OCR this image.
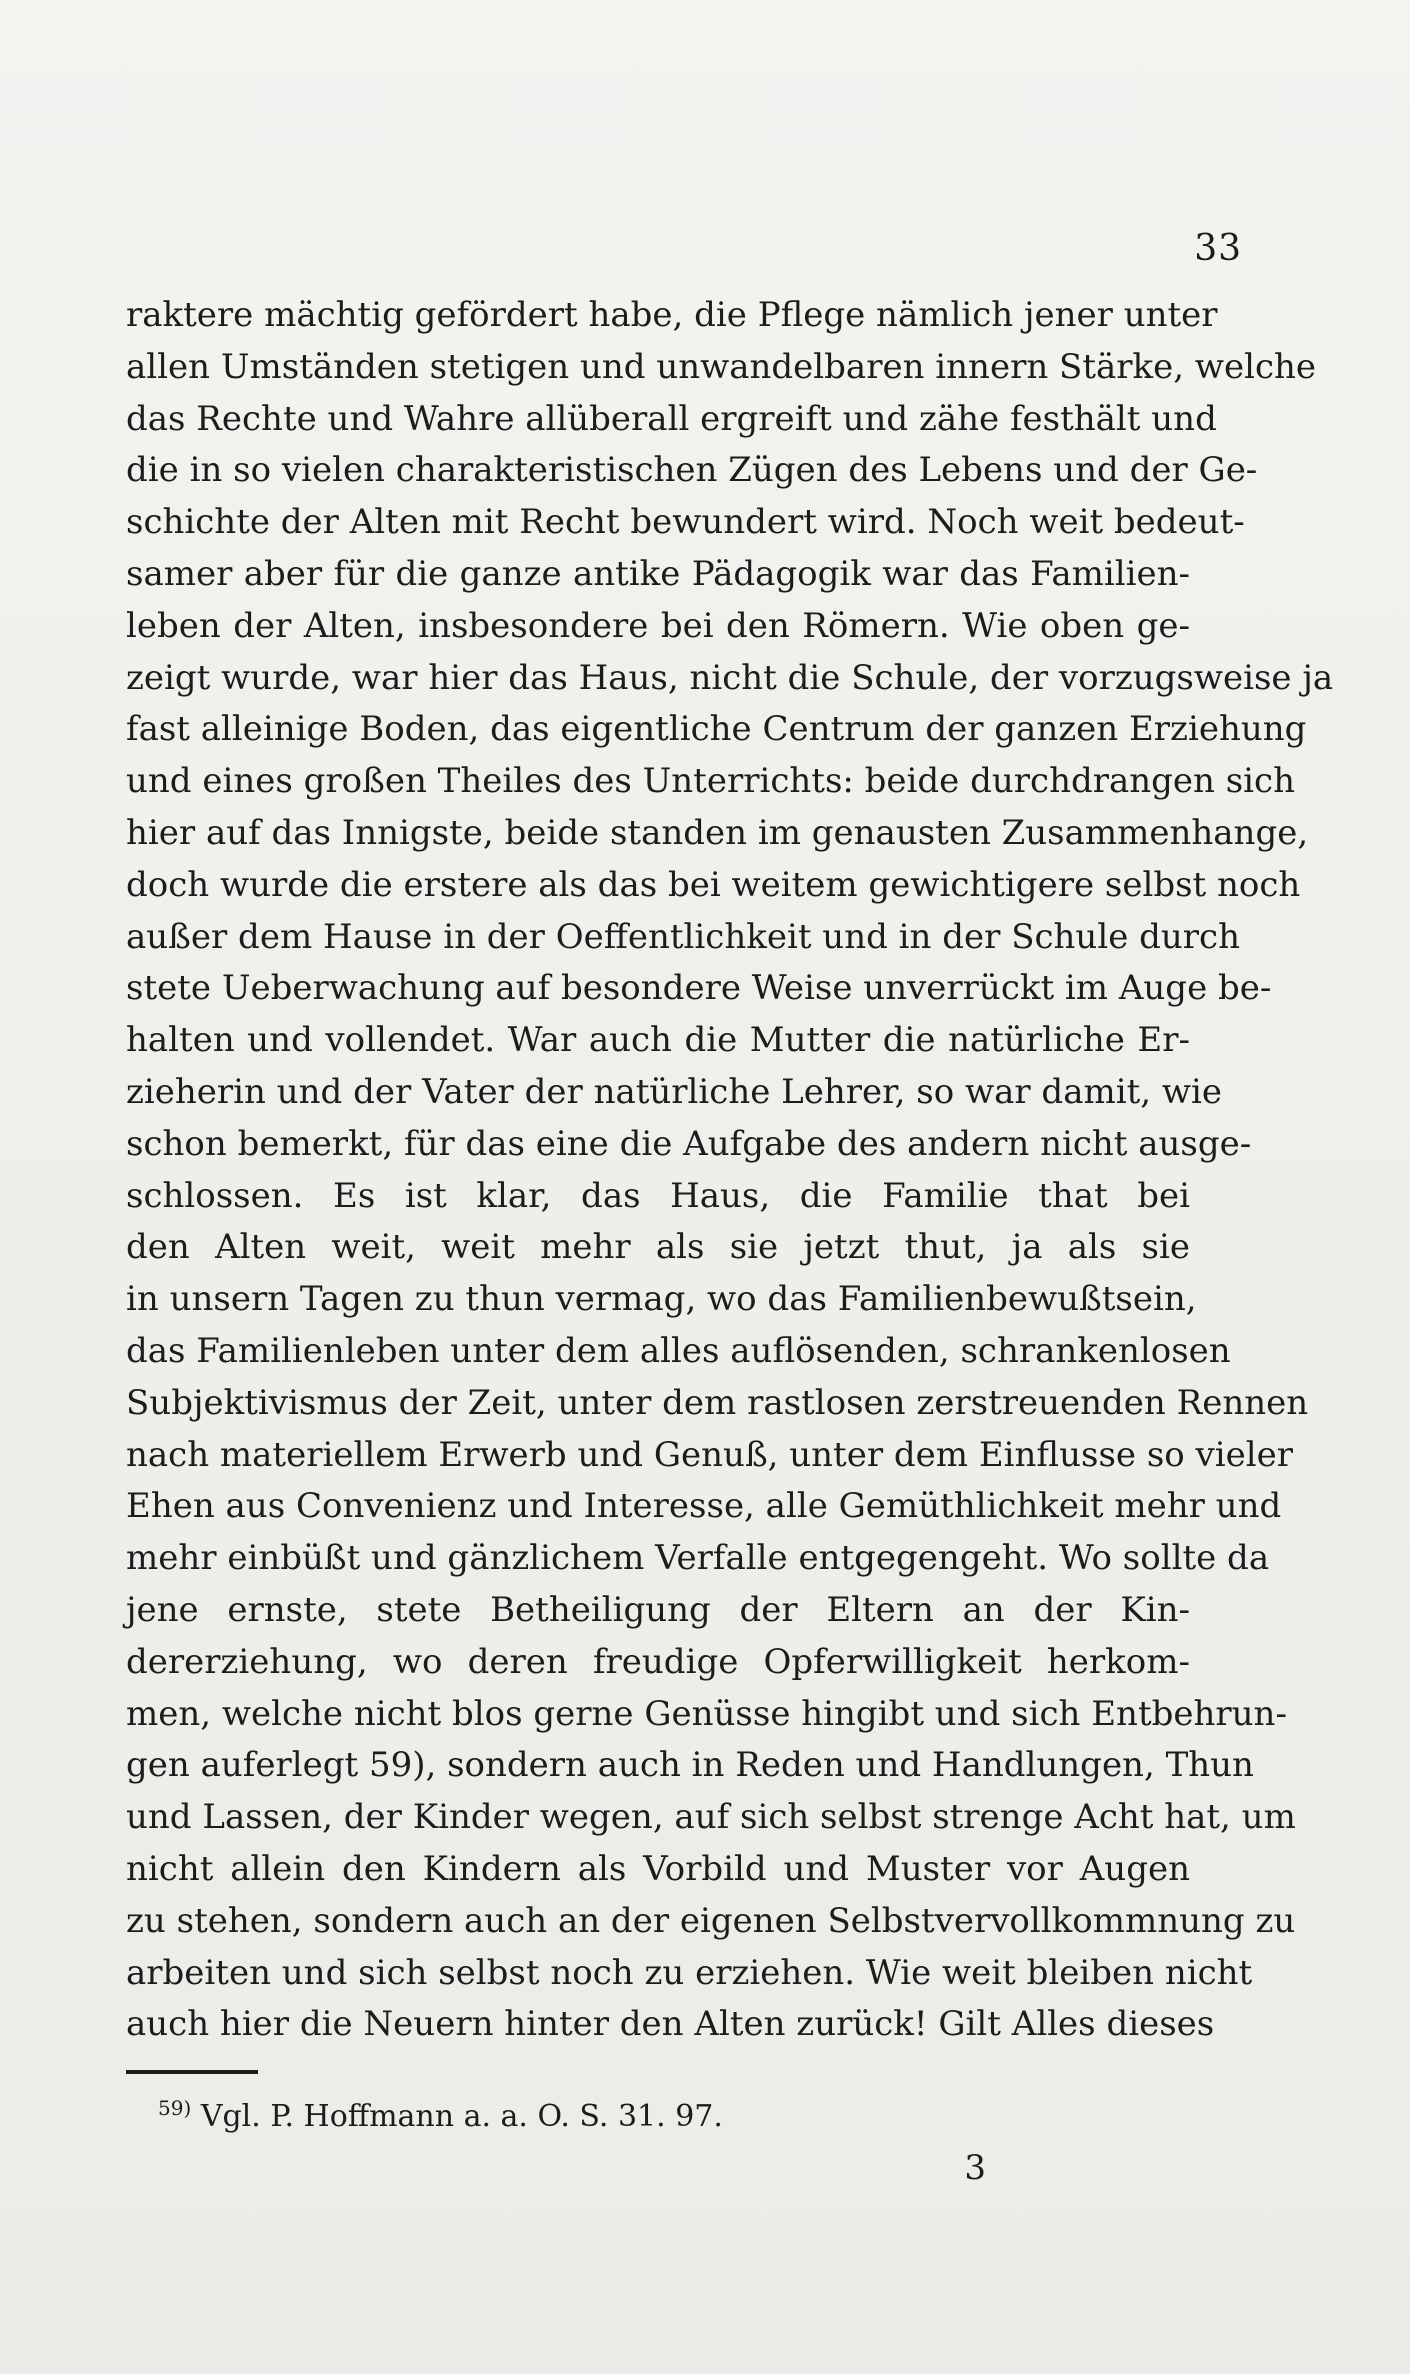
33
raktere mächtig gefördert habe, die Pflege nämlich jener unter
allen Umständen stetigen und unwandelbaren innern Stärke, welche
das Rechte und Wahre allüberall ergreift und zähe festhält und
die in so vielen charakteristischen Zügen des Lebens und der Ge-
schichte der Alten mit Recht bewundert wird. Noch weit bedeut-
samer aber für die ganze antike Pädagogik war das Familien-
leben der Alten, insbesondere bei den Römern. Wie oben ge-
zeigt wurde, war hier das Haus, nicht die Schule, der vorzugsweise ja
fast alleinige Boden, das eigentliche Centrum der ganzen Erziehung
und eines großen Theiles des Unterrichts: beide durchdrangen sich
hier auf das Innigste, beide standen im genausten Zusammenhange,
doch wurde die erstere als das bei weitem gewichtigere selbst noch
außer dem Hause in der Oeffentlichkeit und in der Schule durch
stete Ueberwachung auf besondere Weise unverrückt im Auge be-
halten und vollendet. War auch die Mutter die natürliche Er-
zieherin und der Vater der natürliche Lehrer, so war damit, wie
schon bemerkt, für das eine die Aufgabe des andern nicht ausge-
schlossen. Es ist klar, das Haus, die Familie that bei
den Alten weit, weit mehr als sie jetzt thut, ja als sie
in unsern Tagen zu thun vermag, wo das Familienbewußtsein,
das Familienleben unter dem alles auflösenden, schrankenlosen
Subjektivismus der Zeit, unter dem rastlosen zerstreuenden Rennen
nach materiellem Erwerb und Genuß, unter dem Einflusse so vieler
Ehen aus Convenienz und Interesse, alle Gemüthlichkeit mehr und
mehr einbüßt und gänzlichem Verfalle entgegengeht. Wo sollte da
jene ernste, stete Betheiligung der Eltern an der Kin-
dererziehung, wo deren freudige Opferwilligkeit herkom-
men, welche nicht blos gerne Genüsse hingibt und sich Entbehrun-
gen auferlegt 59), sondern auch in Reden und Handlungen, Thun
und Lassen, der Kinder wegen, auf sich selbst strenge Acht hat, um
nicht allein den Kindern als Vorbild und Muster vor Augen
zu stehen, sondern auch an der eigenen Selbstvervollkommnung zu
arbeiten und sich selbst noch zu erziehen. Wie weit bleiben nicht
auch hier die Neuern hinter den Alten zurück! Gilt Alles dieses
$^{59)}$ Vgl. P. Hoffmann a. a. O. S. 31. 97.
3
